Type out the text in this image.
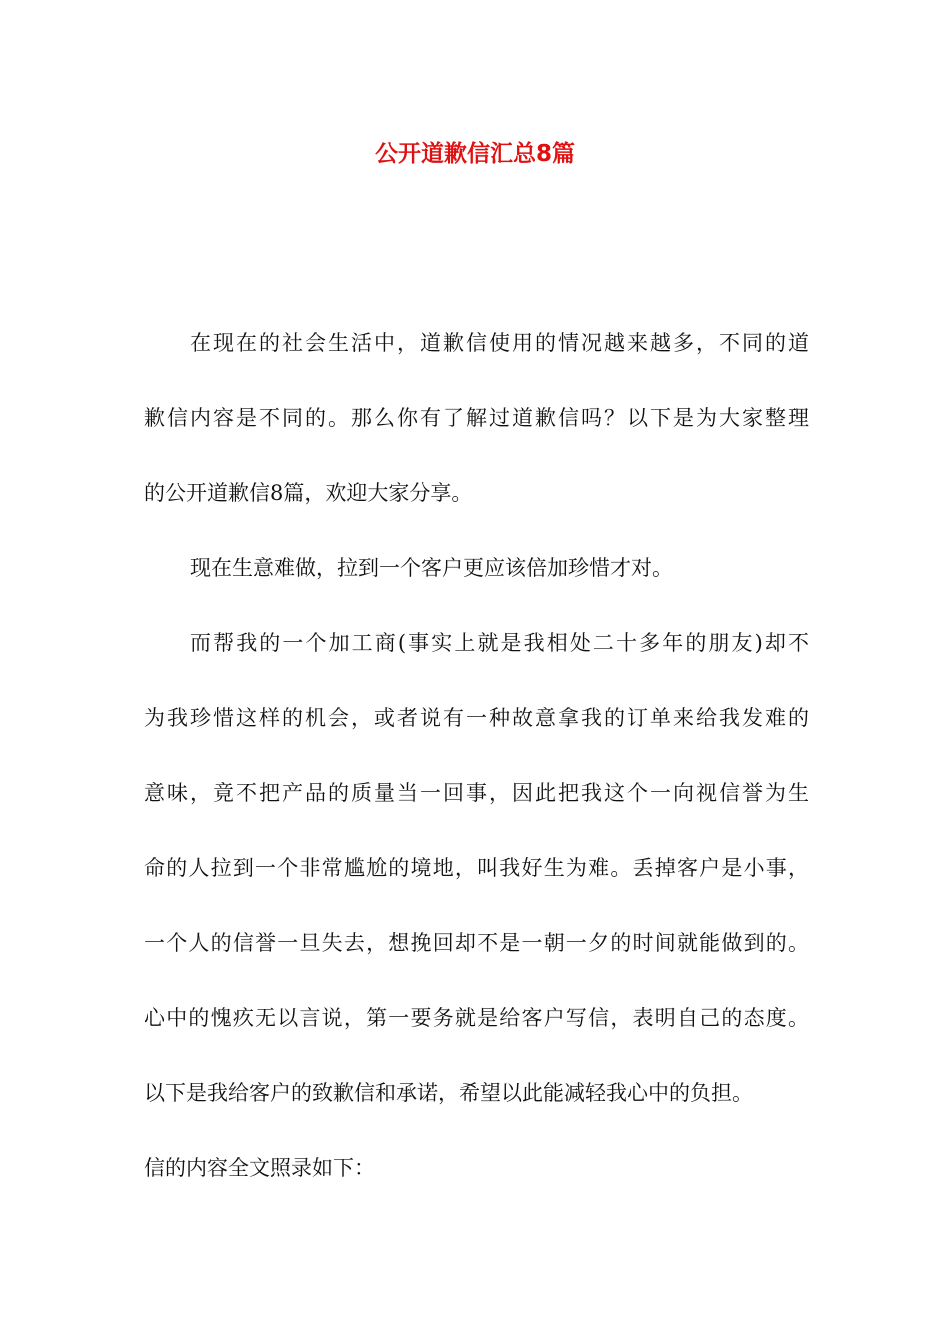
公开道歉信汇总8篇
在现在的社会生活中，道歉信使用的情况越来越多，不同的道
歉信内容是不同的。那么你有了解过道歉信吗？以下是为大家整理
的公开道歉信8篇，欢迎大家分享。
现在生意难做，拉到一个客户更应该倍加珍惜才对。
而帮我的一个加工商(事实上就是我相处二十多年的朋友)却不
为我珍惜这样的机会，或者说有一种故意拿我的订单来给我发难的
意味，竟不把产品的质量当一回事，因此把我这个一向视信誉为生
命的人拉到一个非常尴尬的境地，叫我好生为难。丢掉客户是小事，
一个人的信誉一旦失去，想挽回却不是一朝一夕的时间就能做到的。
心中的愧疚无以言说，第一要务就是给客户写信，表明自己的态度。
以下是我给客户的致歉信和承诺，希望以此能减轻我心中的负担。
信的内容全文照录如下：
